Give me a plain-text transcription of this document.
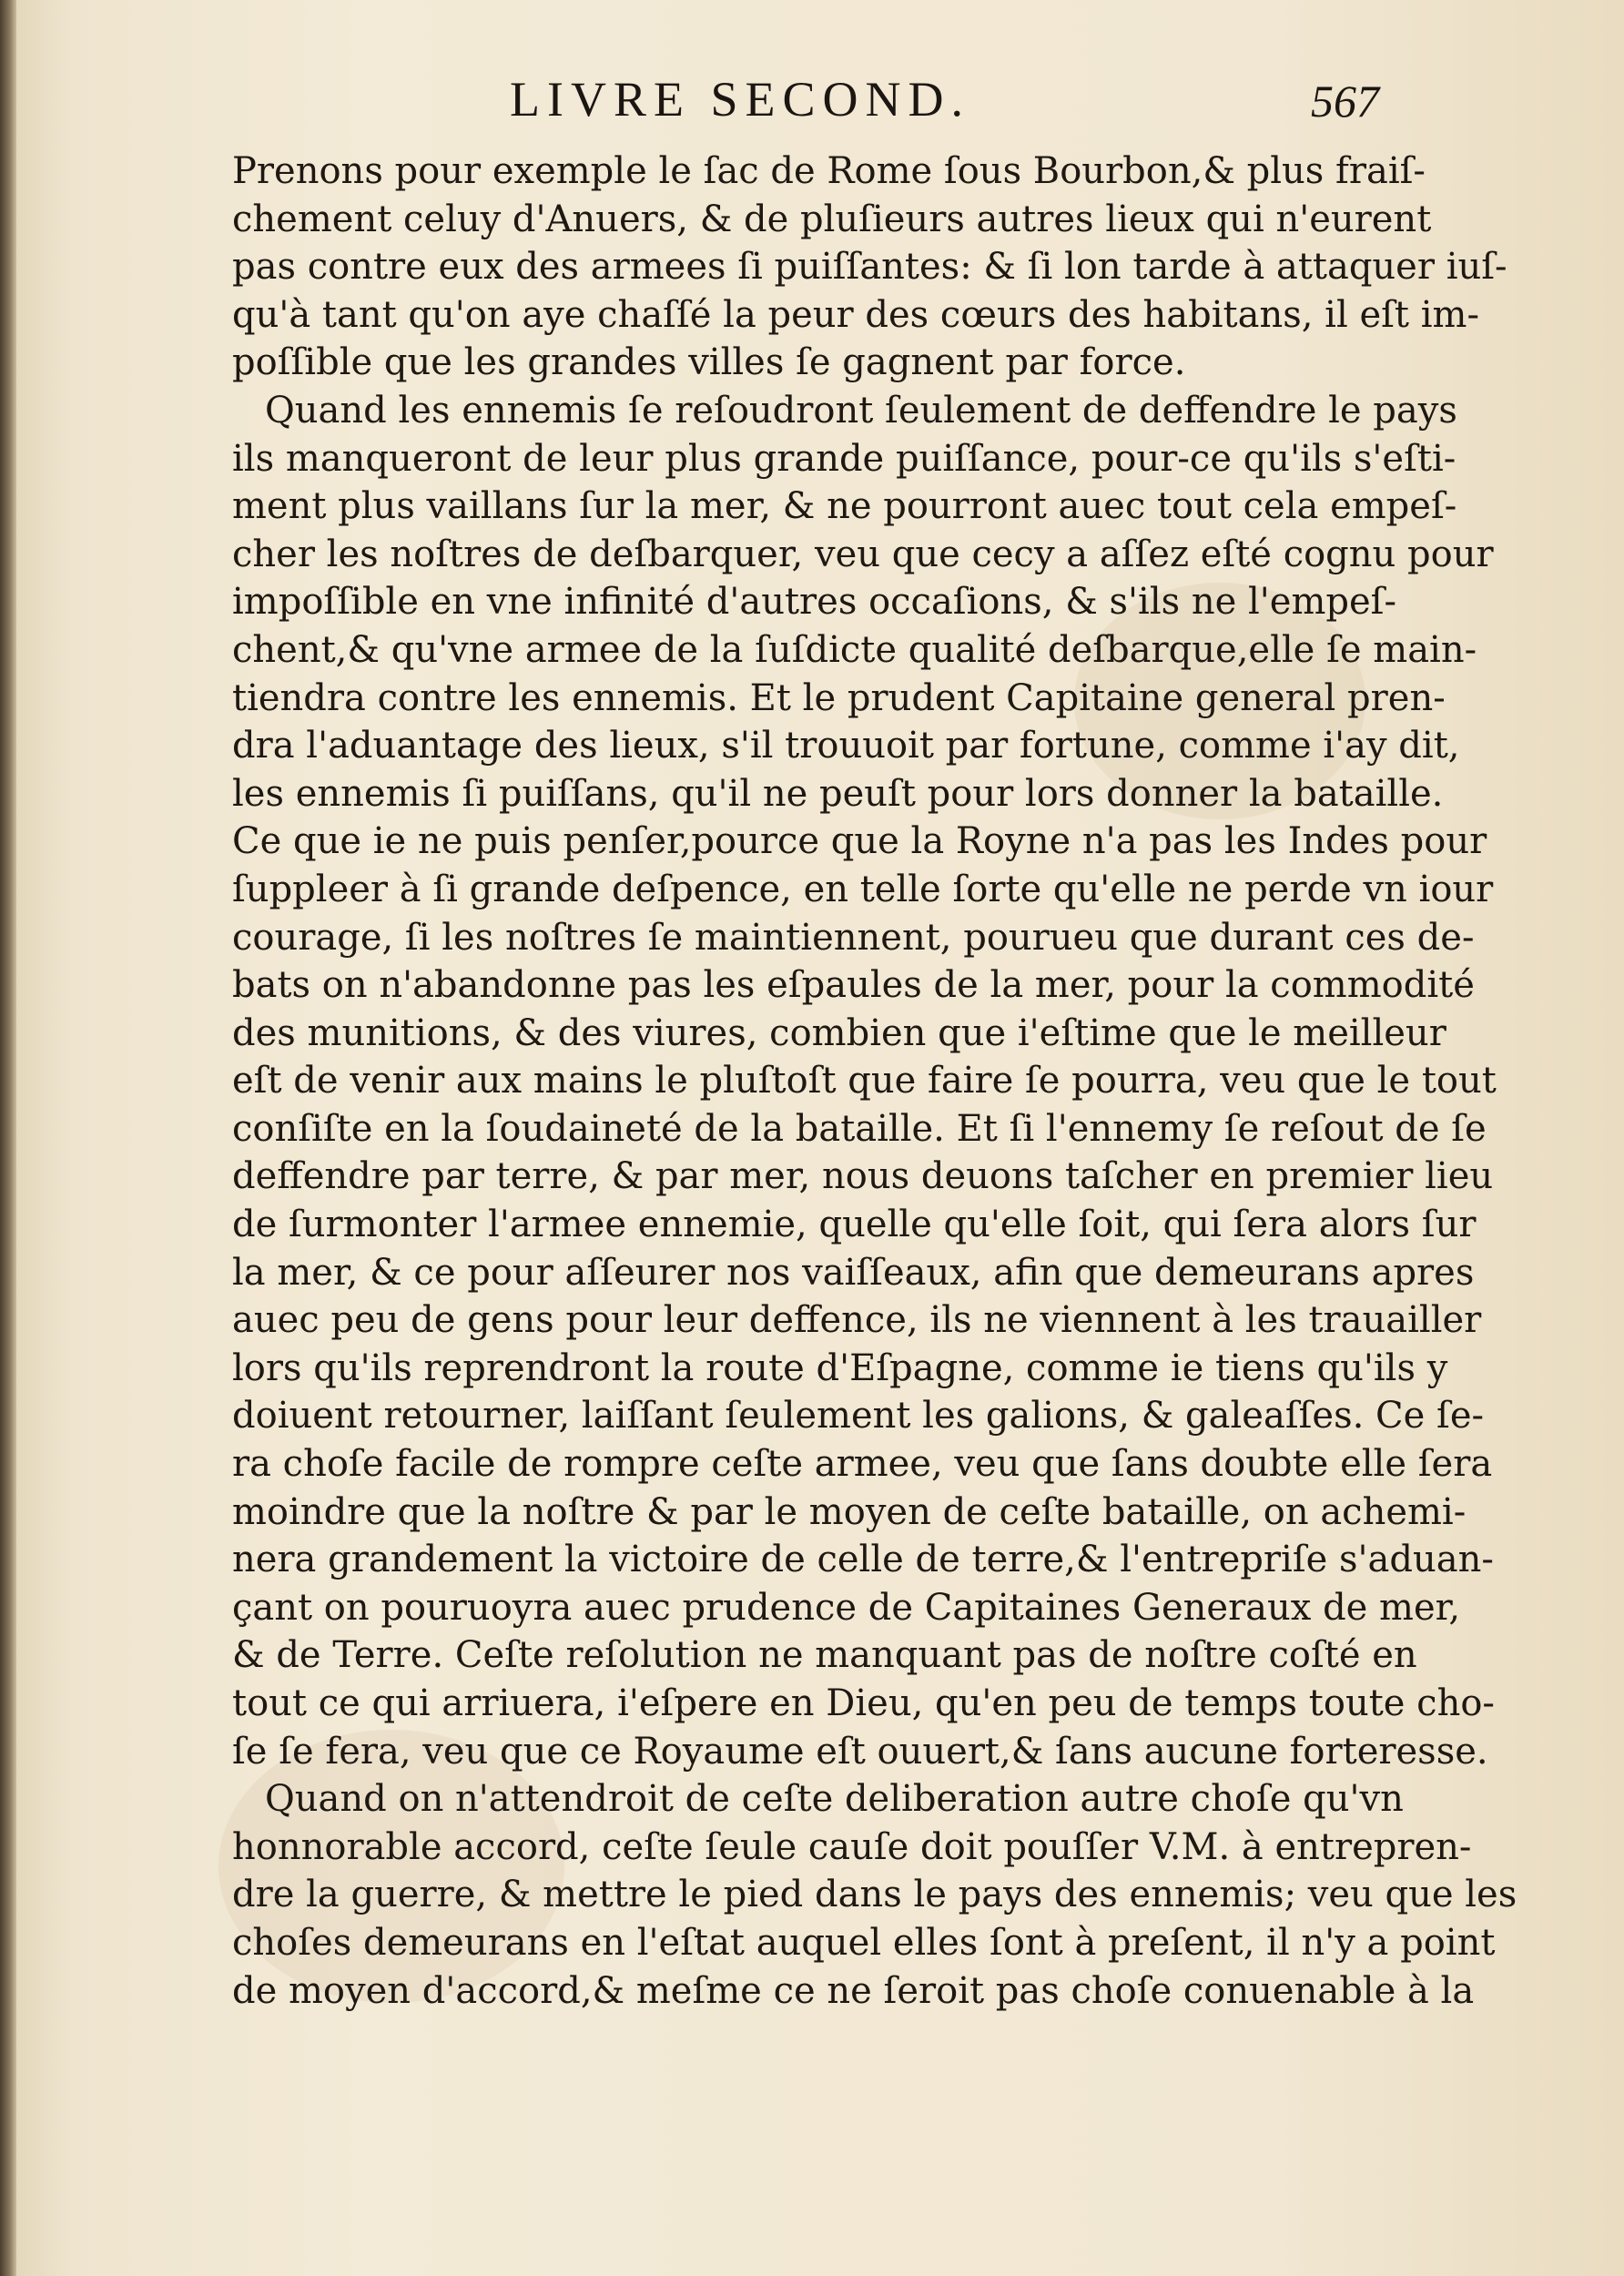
LIVRE SECOND.	567
Prenons pour exemple le ſac de Rome ſous Bourbon,& plus fraiſ-
chement celuy d'Anuers, & de pluſieurs autres lieux qui n'eurent
pas contre eux des armees ſi puiſſantes: & ſi lon tarde à attaquer iuſ-
qu'à tant qu'on aye chaſſé la peur des cœurs des habitans, il eſt im-
poſſible que les grandes villes ſe gagnent par force.
Quand les ennemis ſe reſoudront ſeulement de deffendre le pays
ils manqueront de leur plus grande puiſſance, pour-ce qu'ils s'eſti-
ment plus vaillans ſur la mer, & ne pourront auec tout cela empeſ-
cher les noſtres de deſbarquer, veu que cecy a aſſez eſté cognu pour
impoſſible en vne infinité d'autres occaſions, & s'ils ne l'empeſ-
chent,& qu'vne armee de la ſuſdicte qualité deſbarque,elle ſe main-
tiendra contre les ennemis. Et le prudent Capitaine general pren-
dra l'aduantage des lieux, s'il trouuoit par fortune, comme i'ay dit,
les ennemis ſi puiſſans, qu'il ne peuſt pour lors donner la bataille.
Ce que ie ne puis penſer,pource que la Royne n'a pas les Indes pour
ſuppleer à ſi grande deſpence, en telle ſorte qu'elle ne perde vn iour
courage, ſi les noſtres ſe maintiennent, pourueu que durant ces de-
bats on n'abandonne pas les eſpaules de la mer, pour la commodité
des munitions, & des viures, combien que i'eſtime que le meilleur
eſt de venir aux mains le pluſtoſt que faire ſe pourra, veu que le tout
conſiſte en la ſoudaineté de la bataille. Et ſi l'ennemy ſe reſout de ſe
deffendre par terre, & par mer, nous deuons taſcher en premier lieu
de ſurmonter l'armee ennemie, quelle qu'elle ſoit, qui ſera alors ſur
la mer, & ce pour aſſeurer nos vaiſſeaux, afin que demeurans apres
auec peu de gens pour leur deffence, ils ne viennent à les trauailler
lors qu'ils reprendront la route d'Eſpagne, comme ie tiens qu'ils y
doiuent retourner, laiſſant ſeulement les galions, & galeaſſes. Ce ſe-
ra choſe facile de rompre ceſte armee, veu que ſans doubte elle ſera
moindre que la noſtre & par le moyen de ceſte bataille, on achemi-
nera grandement la victoire de celle de terre,& l'entrepriſe s'aduan-
çant on pouruoyra auec prudence de Capitaines Generaux de mer,
& de Terre. Ceſte reſolution ne manquant pas de noſtre coſté en
tout ce qui arriuera, i'eſpere en Dieu, qu'en peu de temps toute cho-
ſe ſe fera, veu que ce Royaume eſt ouuert,& ſans aucune forteresse.
Quand on n'attendroit de ceſte deliberation autre choſe qu'vn
honnorable accord, ceſte ſeule cauſe doit pouſſer V.M. à entrepren-
dre la guerre, & mettre le pied dans le pays des ennemis; veu que les
choſes demeurans en l'eſtat auquel elles ſont à preſent, il n'y a point
de moyen d'accord,& meſme ce ne ſeroit pas choſe conuenable à la
